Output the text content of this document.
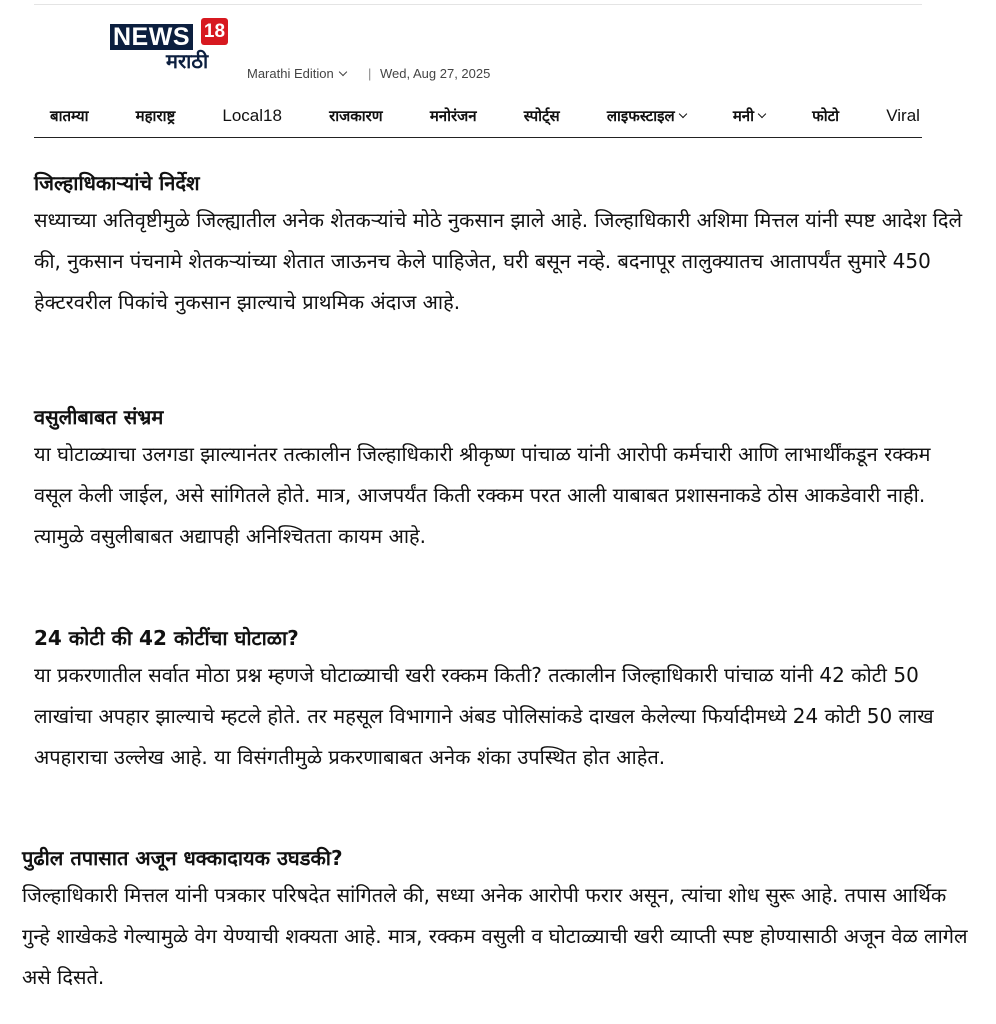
NEWS 18
मराठी
Marathi Edition	| Wed, Aug 27, 2025
बातम्या	महाराष्ट्र	Local18	राजकारण	मनोरंजन	स्पोर्ट्स	लाइफस्टाइल	मनी	फोटो	Viral
जिल्हाधिकाऱ्यांचे निर्देश

सध्याच्या अतिवृष्टीमुळे जिल्ह्यातील अनेक शेतकऱ्यांचे मोठे नुकसान झाले आहे. जिल्हाधिकारी अशिमा मित्तल यांनी स्पष्ट आदेश दिले की, नुकसान पंचनामे शेतकऱ्यांच्या शेतात जाऊनच केले पाहिजेत, घरी बसून नव्हे. बदनापूर तालुक्यातच आतापर्यंत सुमारे 450 हेक्टरवरील पिकांचे नुकसान झाल्याचे प्राथमिक अंदाज आहे.

वसुलीबाबत संभ्रम

या घोटाळ्याचा उलगडा झाल्यानंतर तत्कालीन जिल्हाधिकारी श्रीकृष्ण पांचाळ यांनी आरोपी कर्मचारी आणि लाभार्थींकडून रक्कम वसूल केली जाईल, असे सांगितले होते. मात्र, आजपर्यंत किती रक्कम परत आली याबाबत प्रशासनाकडे ठोस आकडेवारी नाही. त्यामुळे वसुलीबाबत अद्यापही अनिश्चितता कायम आहे.

24 कोटी की 42 कोटींचा घोटाळा?

या प्रकरणातील सर्वात मोठा प्रश्न म्हणजे घोटाळ्याची खरी रक्कम किती? तत्कालीन जिल्हाधिकारी पांचाळ यांनी 42 कोटी 50 लाखांचा अपहार झाल्याचे म्हटले होते. तर महसूल विभागाने अंबड पोलिसांकडे दाखल केलेल्या फिर्यादीमध्ये 24 कोटी 50 लाख अपहाराचा उल्लेख आहे. या विसंगतीमुळे प्रकरणाबाबत अनेक शंका उपस्थित होत आहेत.

पुढील तपासात अजून धक्कादायक उघडकी?

जिल्हाधिकारी मित्तल यांनी पत्रकार परिषदेत सांगितले की, सध्या अनेक आरोपी फरार असून, त्यांचा शोध सुरू आहे. तपास आर्थिक गुन्हे शाखेकडे गेल्यामुळे वेग येण्याची शक्यता आहे. मात्र, रक्कम वसुली व घोटाळ्याची खरी व्याप्ती स्पष्ट होण्यासाठी अजून वेळ लागेल असे दिसते.
